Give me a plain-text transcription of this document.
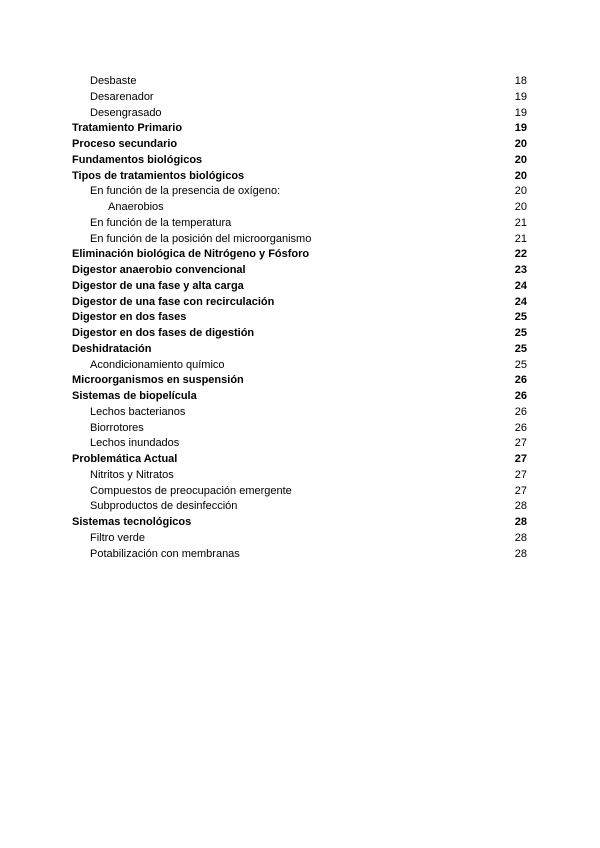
Desbaste	18
Desarenador	19
Desengrasado	19
Tratamiento Primario	19
Proceso secundario	20
Fundamentos biológicos	20
Tipos de tratamientos biológicos	20
En función de la presencia de oxígeno:	20
Anaerobios	20
En función de la temperatura	21
En función de la posición del microorganismo	21
Eliminación biológica de Nitrógeno y Fósforo	22
Digestor anaerobio convencional	23
Digestor de una fase y alta carga	24
Digestor de una fase con recirculación	24
Digestor en dos fases	25
Digestor en dos fases de digestión	25
Deshidratación	25
Acondicionamiento químico	25
Microorganismos en suspensión	26
Sistemas de biopelícula	26
Lechos bacterianos	26
Biorrotores	26
Lechos inundados	27
Problemática Actual	27
Nitritos y Nitratos	27
Compuestos de preocupación emergente	27
Subproductos de desinfección	28
Sistemas tecnológicos	28
Filtro verde	28
Potabilización con membranas	28
